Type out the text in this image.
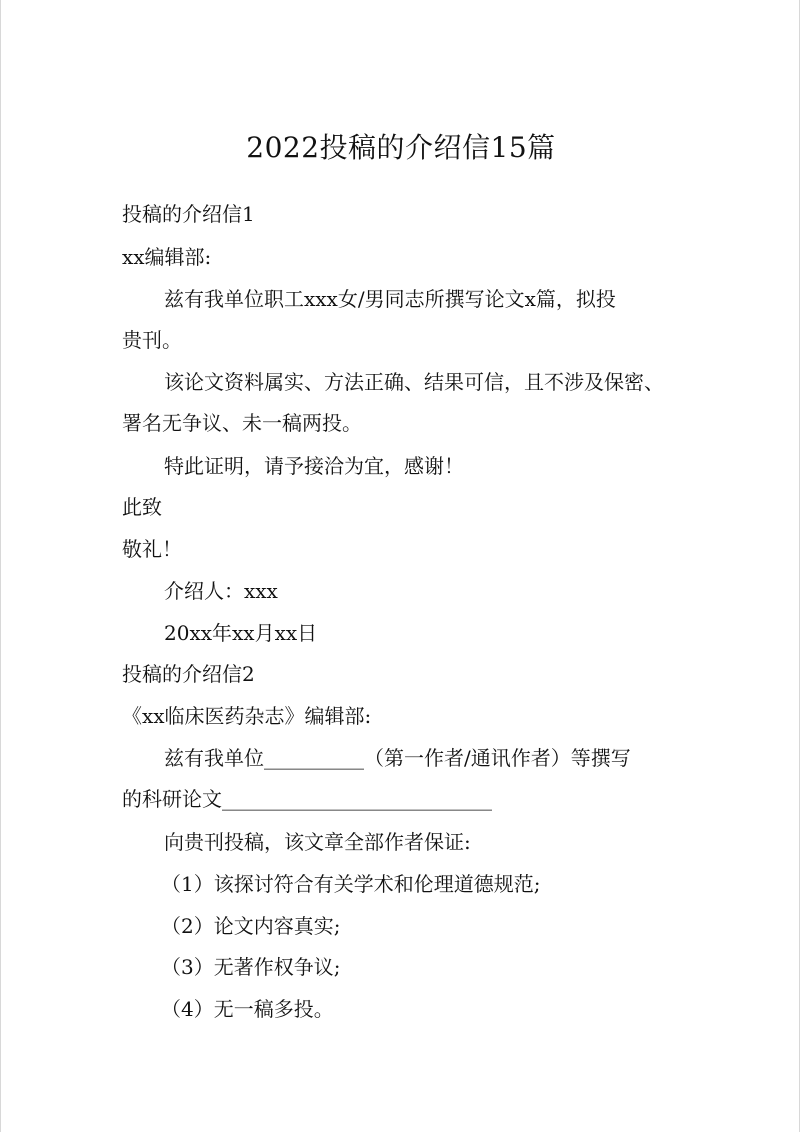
2022投稿的介绍信15篇
投稿的介绍信1
xx编辑部:
兹有我单位职工xxx女/男同志所撰写论文x篇，拟投
贵刊。
该论文资料属实、方法正确、结果可信，且不涉及保密、
署名无争议、未一稿两投。
特此证明，请予接洽为宜，感谢！
此致
敬礼！
介绍人：xxx
20xx年xx月xx日
投稿的介绍信2
《xx临床医药杂志》编辑部:
兹有我单位__________（第一作者/通讯作者）等撰写
的科研论文___________________________
向贵刊投稿，该文章全部作者保证:
（1）该探讨符合有关学术和伦理道德规范;
（2）论文内容真实;
（3）无著作权争议;
（4）无一稿多投。
